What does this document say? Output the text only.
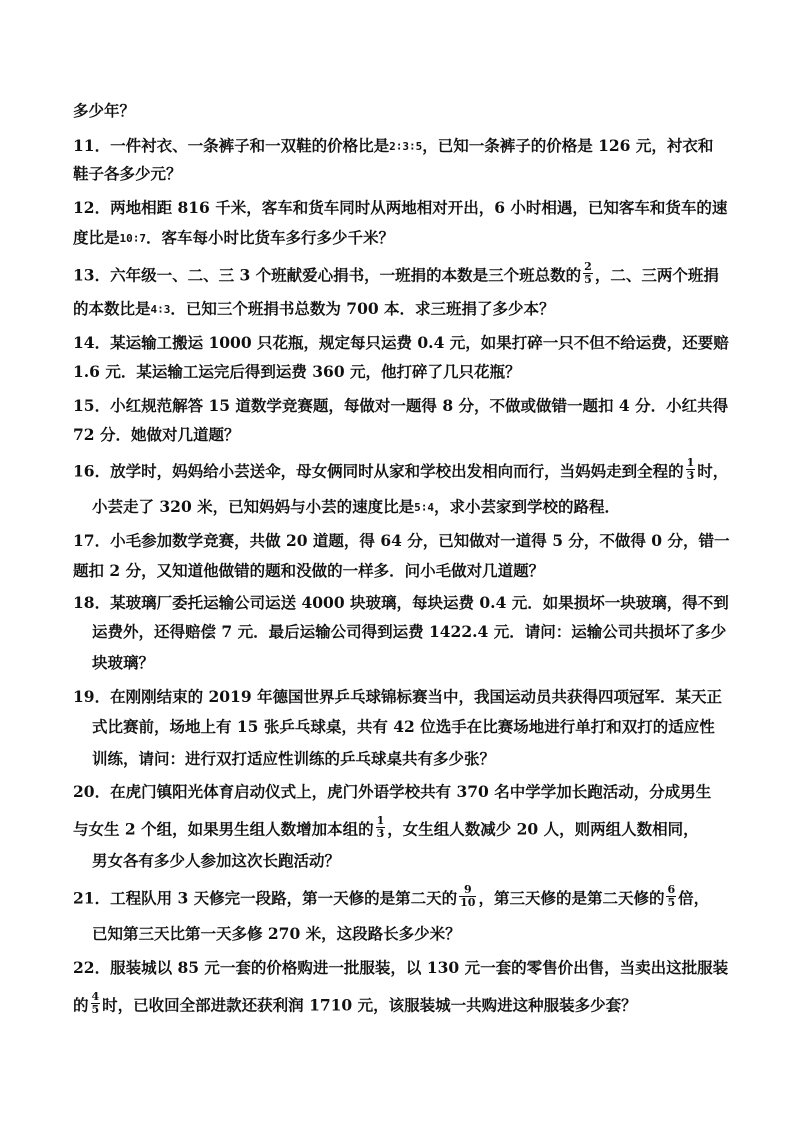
多少年？
11．一件衬衣、一条裤子和一双鞋的价格比是2∶3∶5，已知一条裤子的价格是 126 元，衬衣和
鞋子各多少元？
12．两地相距 816 千米，客车和货车同时从两地相对开出，6 小时相遇，已知客车和货车的速
度比是10∶7．客车每小时比货车多行多少千米？
13．六年级一、二、三 3 个班献爱心捐书，一班捐的本数是三个班总数的 $\frac{2}{5}$ ，二、三两个班捐
的本数比是4∶3．已知三个班捐书总数为 700 本．求三班捐了多少本？
14．某运输工搬运 1000 只花瓶，规定每只运费 0.4 元，如果打碎一只不但不给运费，还要赔
1.6 元．某运输工运完后得到运费 360 元，他打碎了几只花瓶？
15．小红规范解答 15 道数学竞赛题，每做对一题得 8 分，不做或做错一题扣 4 分．小红共得
72 分．她做对几道题？
16．放学时，妈妈给小芸送伞，母女俩同时从家和学校出发相向而行，当妈妈走到全程的 $\frac{1}{3}$ 时，
小芸走了 320 米，已知妈妈与小芸的速度比是5∶4，求小芸家到学校的路程．
17．小毛参加数学竞赛，共做 20 道题，得 64 分，已知做对一道得 5 分，不做得 0 分，错一
题扣 2 分，又知道他做错的题和没做的一样多．问小毛做对几道题？
18．某玻璃厂委托运输公司运送 4000 块玻璃，每块运费 0.4 元．如果损坏一块玻璃，得不到
运费外，还得赔偿 7 元．最后运输公司得到运费 1422.4 元．请问：运输公司共损坏了多少
块玻璃？
19．在刚刚结束的 2019 年德国世界乒乓球锦标赛当中，我国运动员共获得四项冠军．某天正
式比赛前，场地上有 15 张乒乓球桌，共有 42 位选手在比赛场地进行单打和双打的适应性
训练，请问：进行双打适应性训练的乒乓球桌共有多少张？
20．在虎门镇阳光体育启动仪式上，虎门外语学校共有 370 名中学学加长跑活动，分成男生
与女生 2 个组，如果男生组人数增加本组的 $\frac{1}{3}$ ，女生组人数减少 20 人，则两组人数相同，
男女各有多少人参加这次长跑活动？
21．工程队用 3 天修完一段路，第一天修的是第二天的 $\frac{9}{10}$ ，第三天修的是第二天修的 $\frac{6}{5}$ 倍，
已知第三天比第一天多修 270 米，这段路长多少米？
22．服装城以 85 元一套的价格购进一批服装，以 130 元一套的零售价出售，当卖出这批服装
的 $\frac{4}{5}$ 时，已收回全部进款还获利润 1710 元，该服装城一共购进这种服装多少套？
